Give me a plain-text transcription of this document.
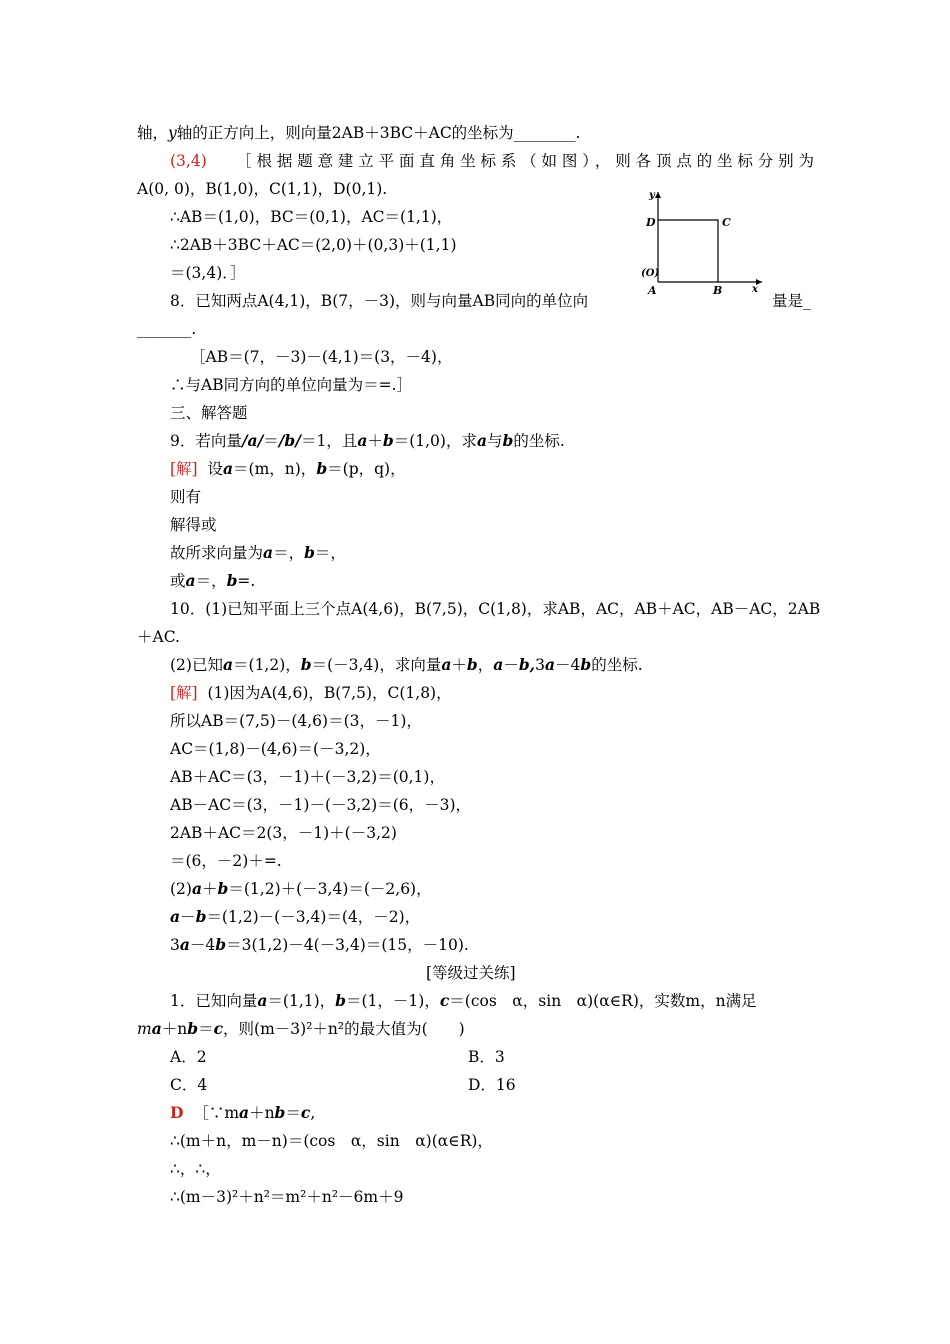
轴，y轴的正方向上，则向量2AB＋3BC＋AC的坐标为________.
(3,4) ［根据题意建立平面直角坐标系（如图），则各顶点的坐标分别为
A(0, 0)，B(1,0)，C(1,1)，D(0,1).
∴AB＝(1,0)，BC＝(0,1)，AC＝(1,1)，
∴2AB＋3BC＋AC＝(2,0)＋(0,3)＋(1,1)
＝(3,4)．］
y
x
D	C
(O)
A	B
8．已知两点A(4,1)，B(7，－3)，则与向量AB同向的单位向	量是_
_______.
［AB＝(7，－3)－(4,1)＝(3，－4)，
∴与AB同方向的单位向量为＝=.］
三、解答题
9．若向量/a/＝/b/＝1，且a＋b＝(1,0)，求a与b的坐标.
[解] 设a＝(m，n)，b＝(p，q)，
则有
解得或
故所求向量为a＝，b＝，
或a＝，b=.
10．(1)已知平面上三个点A(4,6)，B(7,5)，C(1,8)，求AB，AC，AB＋AC，AB－AC，2AB
＋AC.
(2)已知a＝(1,2)，b＝(－3,4)，求向量a＋b，a－b,3a－4b的坐标.
[解] (1)因为A(4,6)，B(7,5)，C(1,8)，
所以AB＝(7,5)－(4,6)＝(3，－1)，
AC＝(1,8)－(4,6)＝(－3,2)，
AB＋AC＝(3，－1)＋(－3,2)＝(0,1)，
AB－AC＝(3，－1)－(－3,2)＝(6，－3)，
2AB＋AC＝2(3，－1)＋(－3,2)
＝(6，－2)＋=.
(2)a＋b＝(1,2)＋(－3,4)＝(－2,6)，
a－b＝(1,2)－(－3,4)＝(4，－2)，
3a－4b＝3(1,2)－4(－3,4)＝(15，－10).
[等级过关练]
1．已知向量a＝(1,1)，b＝(1，－1)，c＝(cos　α，sin　α)(α∈R)，实数m，n满足
ma＋nb＝c，则(m－3)²＋n²的最大值为(　　)
A．2	B．3
C．4	D．16
D ［∵ma＋nb＝c,
∴(m＋n，m－n)＝(cos　α，sin　α)(α∈R)，
∴，∴，
∴(m－3)²＋n²＝m²＋n²－6m＋9
